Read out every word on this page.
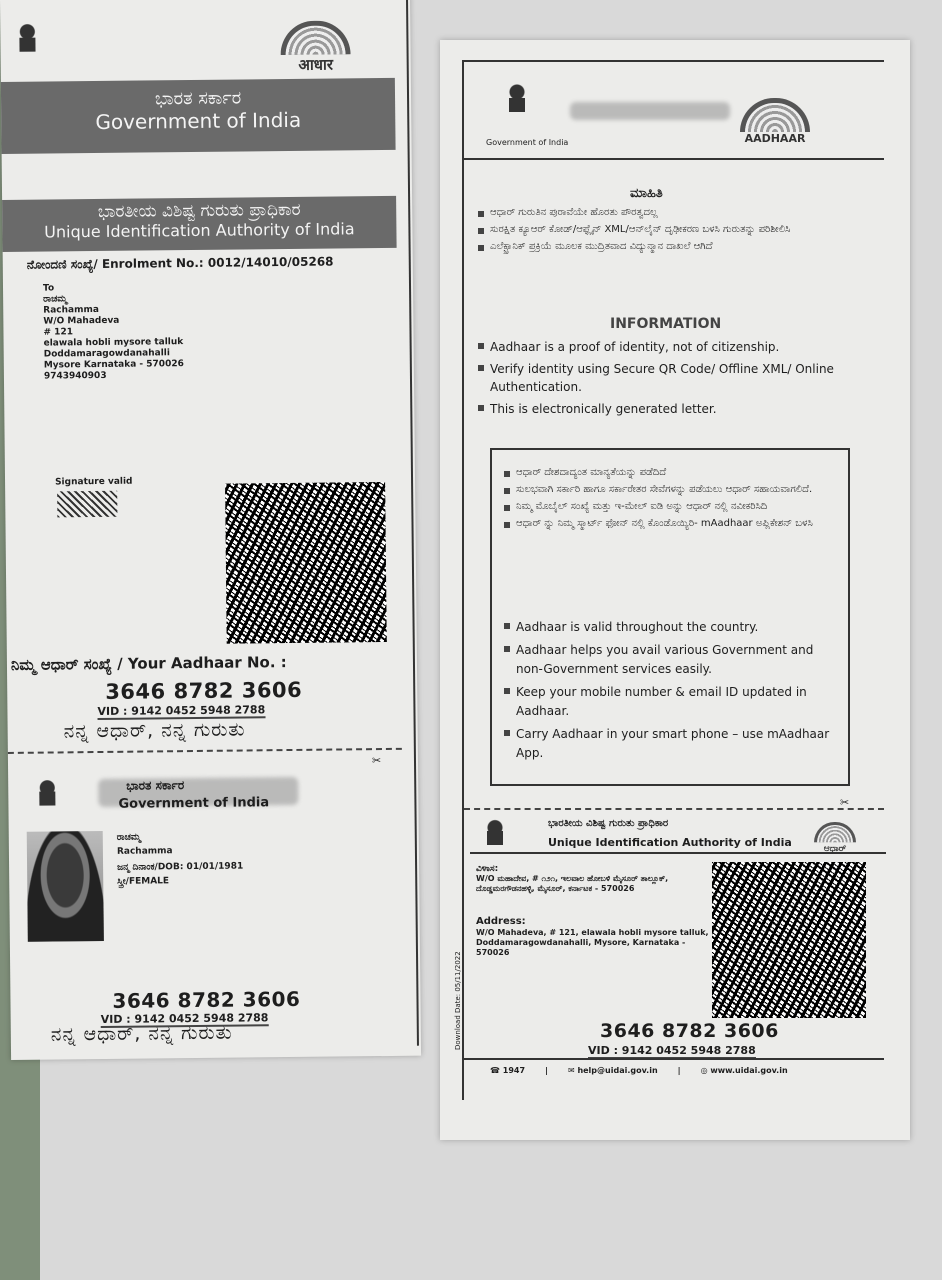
आधार
ಭಾರತ ಸರ್ಕಾರ
Government of India
ಭಾರತೀಯ ವಿಶಿಷ್ಟ ಗುರುತು ಪ್ರಾಧಿಕಾರ
Unique Identification Authority of India
ನೋಂದಣಿ ಸಂಖ್ಯೆ/ Enrolment No.: 0012/14010/05268
To
ರಾಚಮ್ಮ
Rachamma
W/O Mahadeva
# 121
elawala hobli mysore talluk
Doddamaragowdanahalli
Mysore Karnataka - 570026
9743940903
Signature valid
ನಿಮ್ಮ ಆಧಾರ್ ಸಂಖ್ಯೆ / Your Aadhaar No. :
3646 8782 3606
VID : 9142 0452 5948 2788
ನನ್ನ ಆಧಾರ್, ನನ್ನ ಗುರುತು
✂
ಭಾರತ ಸರ್ಕಾರ
Government of India
ರಾಚಮ್ಮ
Rachamma
ಜನ್ಮ ದಿನಾಂಕ/DOB: 01/01/1981
ಸ್ತ್ರೀ/FEMALE
3646 8782 3606
VID : 9142 0452 5948 2788
ನನ್ನ ಆಧಾರ್, ನನ್ನ ಗುರುತು
Government of India	AADHAAR
ಮಾಹಿತಿ
ಆಧಾರ್ ಗುರುತಿನ ಪುರಾವೆಯೇ ಹೊರತು ಪೌರತ್ವದಲ್ಲ
ಸುರಕ್ಷಿತ ಕ್ಯೂಆರ್ ಕೋಡ್/ಆಫ್ಲೈನ್ XML/ಆನ್‌ಲೈನ್ ದೃಢೀಕರಣ ಬಳಸಿ ಗುರುತನ್ನು ಪರಿಶೀಲಿಸಿ
ಎಲೆಕ್ಟ್ರಾನಿಕ್ ಪ್ರಕ್ರಿಯೆ ಮೂಲಕ ಮುದ್ರಿತವಾದ ವಿದ್ಯುನ್ಮಾನ ದಾಖಲೆ ಆಗಿದೆ
INFORMATION
Aadhaar is a proof of identity, not of citizenship.
Verify identity using Secure QR Code/ Offline XML/ Online Authentication.
This is electronically generated letter.
ಆಧಾರ್ ದೇಶದಾದ್ಯಂತ ಮಾನ್ಯತೆಯನ್ನು ಪಡೆದಿದೆ
ಸುಲಭವಾಗಿ ಸರ್ಕಾರಿ ಹಾಗೂ ಸರ್ಕಾರೇತರ ಸೇವೆಗಳನ್ನು ಪಡೆಯಲು ಆಧಾರ್ ಸಹಾಯವಾಗಲಿದೆ.
ನಿಮ್ಮ ಮೊಬೈಲ್ ಸಂಖ್ಯೆ ಮತ್ತು ಇ-ಮೇಲ್ ಐಡಿ ಅನ್ನು ಆಧಾರ್ ನಲ್ಲಿ ನವೀಕರಿಸಿದಿ
ಆಧಾರ್ ನ್ನು ನಿಮ್ಮ ಸ್ಮಾರ್ಟ್ ಫೋನ್ ನಲ್ಲಿ ಕೊಂಡೊಯ್ಯಿರಿ- mAadhaar ಅಪ್ಲಿಕೇಶನ್ ಬಳಸಿ
Aadhaar is valid throughout the country.
Aadhaar helps you avail various Government and non-Government services easily.
Keep your mobile number & email ID updated in Aadhaar.
Carry Aadhaar in your smart phone – use mAadhaar App.
✂
ಭಾರತೀಯ ವಿಶಿಷ್ಟ ಗುರುತು ಪ್ರಾಧಿಕಾರ
Unique Identification Authority of India	ಆಧಾರ್
Download Date: 05/11/2022
ವಿಳಾಸ:
W/O ಮಹಾದೇವ, # ೧೨೧, ಇಲವಾಲ ಹೋಬಳಿ ಮೈಸೂರ್ ತಾಲ್ಲೂಕ್, ದೊಡ್ಡಮರಗೌಡನಹಳ್ಳಿ, ಮೈಸೂರ್, ಕರ್ನಾಟಕ - 570026
Address:
W/O Mahadeva, # 121, elawala hobli mysore talluk, Doddamaragowdanahalli, Mysore, Karnataka - 570026
3646 8782 3606
VID : 9142 0452 5948 2788
☎ 1947	|	✉ help@uidai.gov.in	|	◎ www.uidai.gov.in
